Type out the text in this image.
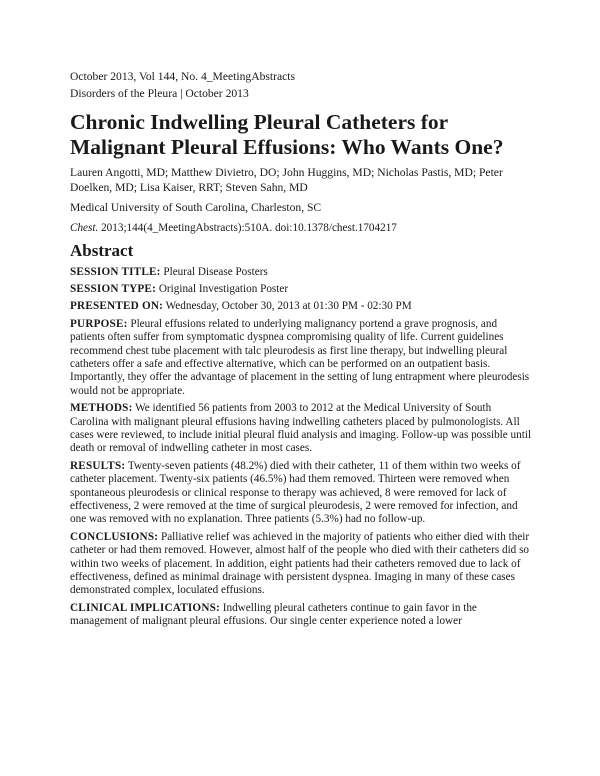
October 2013, Vol 144, No. 4_MeetingAbstracts

Disorders of the Pleura | October 2013

Chronic Indwelling Pleural Catheters for Malignant Pleural Effusions: Who Wants One?

Lauren Angotti, MD; Matthew Divietro, DO; John Huggins, MD; Nicholas Pastis, MD; Peter Doelken, MD; Lisa Kaiser, RRT; Steven Sahn, MD

Medical University of South Carolina, Charleston, SC

Chest. 2013;144(4_MeetingAbstracts):510A. doi:10.1378/chest.1704217

Abstract

SESSION TITLE: Pleural Disease Posters

SESSION TYPE: Original Investigation Poster

PRESENTED ON: Wednesday, October 30, 2013 at 01:30 PM - 02:30 PM

PURPOSE: Pleural effusions related to underlying malignancy portend a grave prognosis, and patients often suffer from symptomatic dyspnea compromising quality of life. Current guidelines recommend chest tube placement with talc pleurodesis as first line therapy, but indwelling pleural catheters offer a safe and effective alternative, which can be performed on an outpatient basis. Importantly, they offer the advantage of placement in the setting of lung entrapment where pleurodesis would not be appropriate.

METHODS: We identified 56 patients from 2003 to 2012 at the Medical University of South Carolina with malignant pleural effusions having indwelling catheters placed by pulmonologists. All cases were reviewed, to include initial pleural fluid analysis and imaging. Follow-up was possible until death or removal of indwelling catheter in most cases.

RESULTS: Twenty-seven patients (48.2%) died with their catheter, 11 of them within two weeks of catheter placement. Twenty-six patients (46.5%) had them removed. Thirteen were removed when spontaneous pleurodesis or clinical response to therapy was achieved, 8 were removed for lack of effectiveness, 2 were removed at the time of surgical pleurodesis, 2 were removed for infection, and one was removed with no explanation. Three patients (5.3%) had no follow-up.

CONCLUSIONS: Palliative relief was achieved in the majority of patients who either died with their catheter or had them removed. However, almost half of the people who died with their catheters did so within two weeks of placement. In addition, eight patients had their catheters removed due to lack of effectiveness, defined as minimal drainage with persistent dyspnea. Imaging in many of these cases demonstrated complex, loculated effusions.

CLINICAL IMPLICATIONS: Indwelling pleural catheters continue to gain favor in the management of malignant pleural effusions. Our single center experience noted a lower
